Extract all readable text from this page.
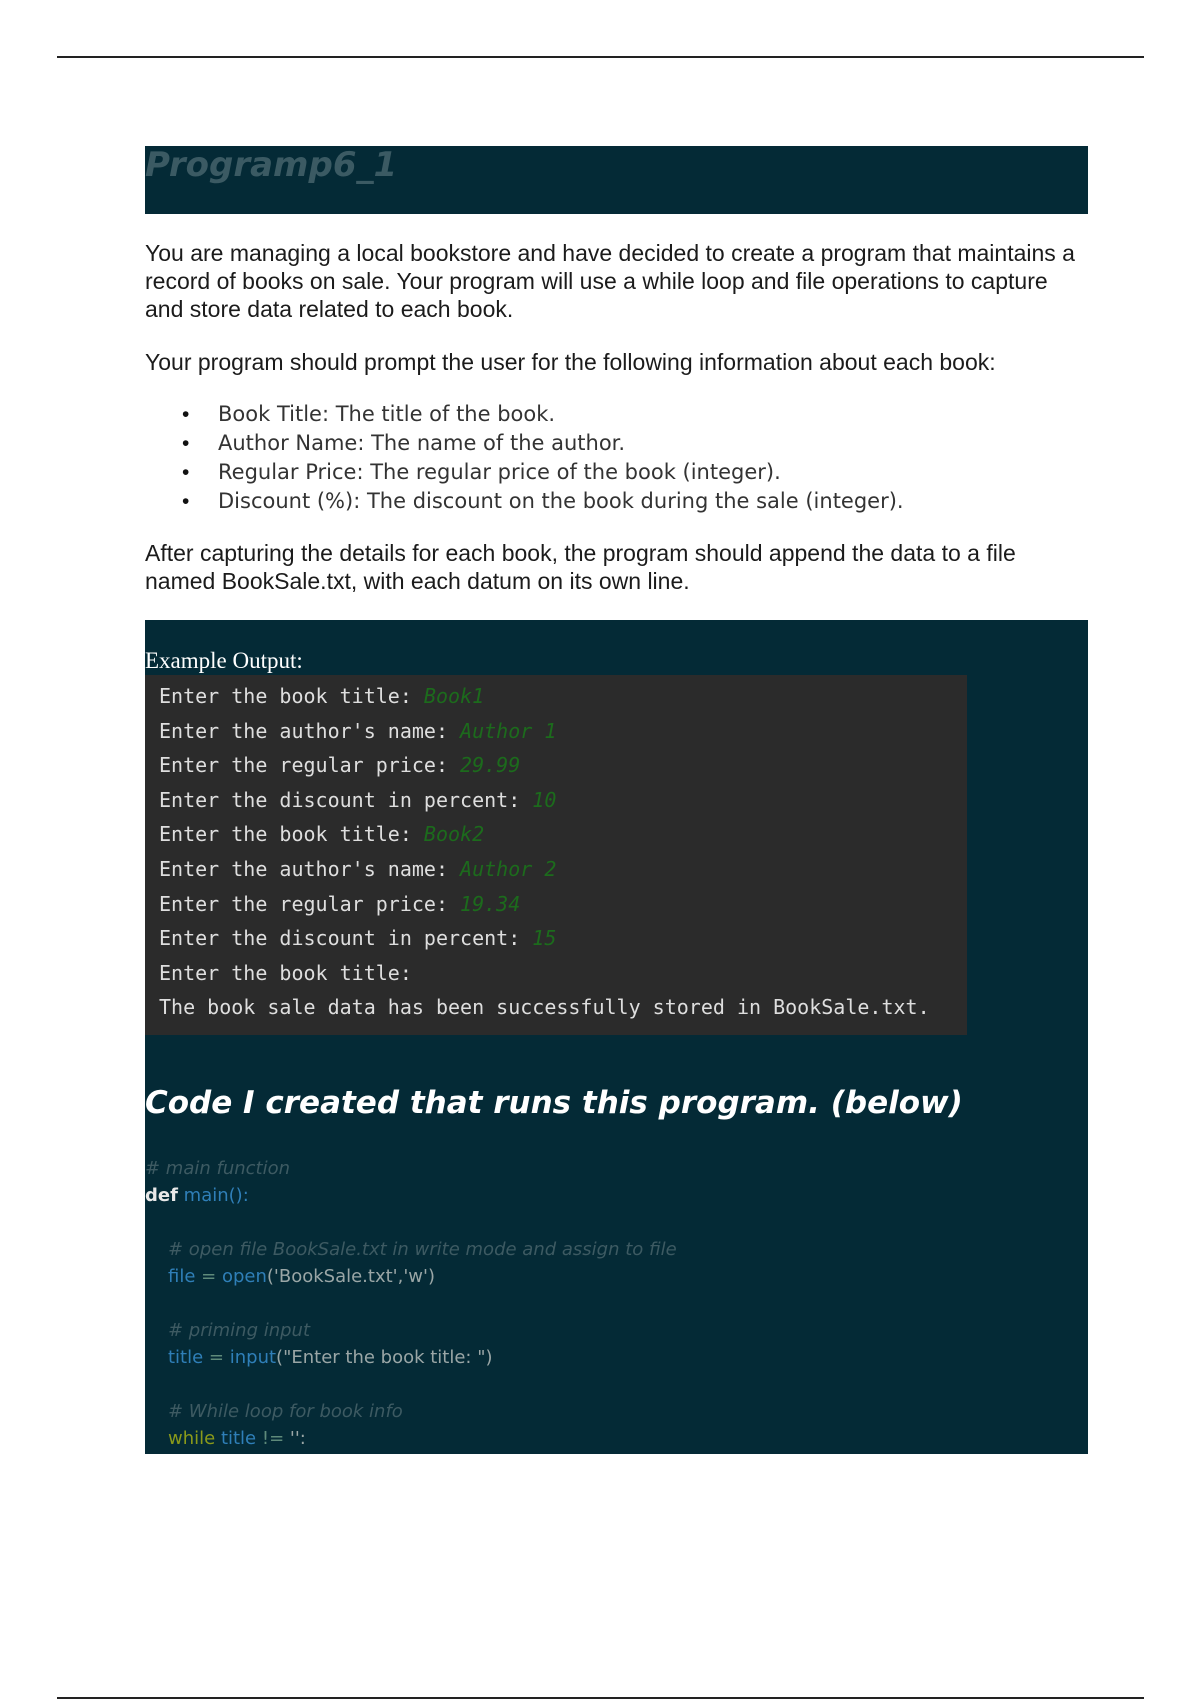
Programp6_1
You are managing a local bookstore and have decided to create a program that maintains a record of books on sale. Your program will use a while loop and file operations to capture and store data related to each book.
Your program should prompt the user for the following information about each book:
• Book Title: The title of the book.
• Author Name: The name of the author.
• Regular Price: The regular price of the book (integer).
• Discount (%): The discount on the book during the sale (integer).
After capturing the details for each book, the program should append the data to a file named BookSale.txt, with each datum on its own line.
Example Output:
Enter the book title: Book1
Enter the author's name: Author 1
Enter the regular price: 29.99
Enter the discount in percent: 10
Enter the book title: Book2
Enter the author's name: Author 2
Enter the regular price: 19.34
Enter the discount in percent: 15
Enter the book title:
The book sale data has been successfully stored in BookSale.txt.
Code I created that runs this program. (below)
# main function
def main():
# open file BookSale.txt in write mode and assign to file
file = open('BookSale.txt','w')
# priming input
title = input("Enter the book title: ")
# While loop for book info
while title != '':
